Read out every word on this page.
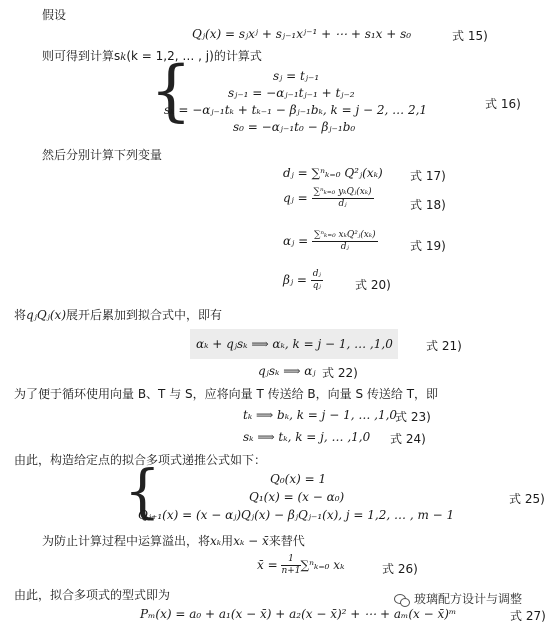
假设
Qⱼ(x) = sⱼxʲ + sⱼ₋₁xʲ⁻¹ + ⋯ + s₁x + s₀	式 15)
则可得到计算sk(k = 1,2, … , j)的计算式
{	sⱼ = tⱼ₋₁
sⱼ₋₁ = −αⱼ₋₁tⱼ₋₁ + tⱼ₋₂
sₖ = −αⱼ₋₁tₖ + tₖ₋₁ − βⱼ₋₁bₖ, k = j − 2, … 2,1
s₀ = −αⱼ₋₁t₀ − βⱼ₋₁b₀
式 16)
然后分别计算下列变量
dⱼ = ∑ⁿₖ₌₀ Q²ⱼ(xₖ) 式 17)
qⱼ = $\frac{\text{∑ⁿₖ₌₀ yₖQⱼ(xₖ)}}{\text{dⱼ}}$	式 18)
αⱼ = $\frac{\text{∑ⁿₖ₌₀ xₖQ²ⱼ(xₖ)}}{\text{dⱼ}}$	式 19)
βⱼ = $\frac{\text{dⱼ}}{\text{qⱼ}}$	式 20)
将qⱼQⱼ(x)展开后累加到拟合式中，即有
αₖ + qⱼsₖ ⟹ αₖ, k = j − 1, … ,1,0	式 21)
qⱼsₖ ⟹ αⱼ 式 22)
为了便于循环使用向量 B、T 与 S，应将向量 T 传送给 B，向量 S 传送给 T，即
tₖ ⟹ bₖ, k = j − 1, … ,1,0
式 23)
sₖ ⟹ tₖ, k = j, … ,1,0 式 24)
由此，构造给定点的拟合多项式递推公式如下：
{	Q₀(x) = 1
Q₁(x) = (x − α₀)
Qⱼ₊₁(x) = (x − αⱼ)Qⱼ(x) − βⱼQⱼ₋₁(x), j = 1,2, … , m − 1
式 25)
为防止计算过程中运算溢出，将xₖ用xₖ − x̄来替代
x̄ = $\frac{1}{n+1} \sum^n_{k=0}$ xₖ	式 26)
由此，拟合多项式的型式即为	玻璃配方设计与调整
Pₘ(x) = a₀ + a₁(x − x̄) + a₂(x − x̄)² + ⋯ + aₘ(x − x̄)ᵐ	式 27)
